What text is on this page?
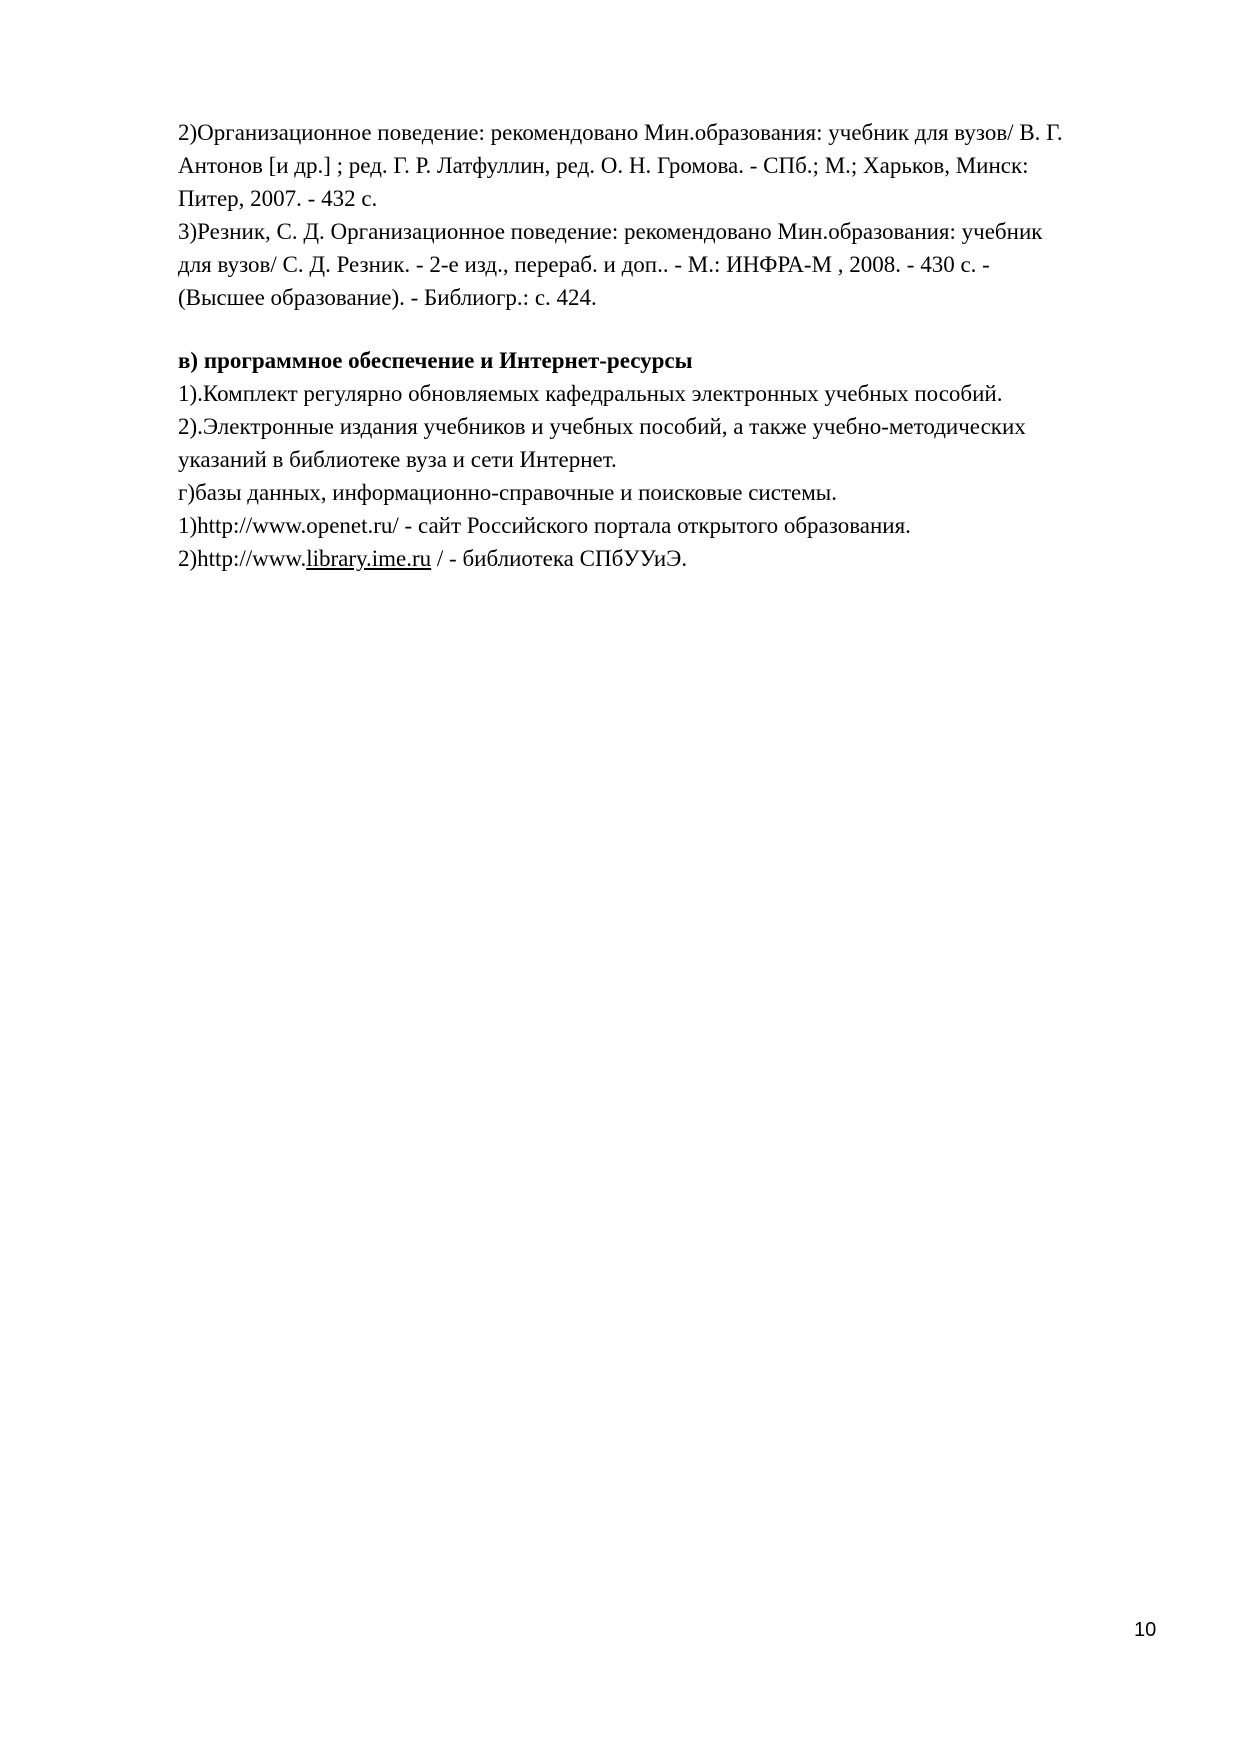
2)Организационное поведение: рекомендовано Мин.образования: учебник для вузов/ В. Г.

Антонов [и др.] ; ред. Г. Р. Латфуллин, ред. О. Н. Громова. - СПб.; М.; Харьков, Минск:

Питер, 2007. - 432 с.

3)Резник, С. Д. Организационное поведение: рекомендовано Мин.образования: учебник

для вузов/ С. Д. Резник. - 2-е изд., перераб. и доп.. - М.: ИНФРА-М , 2008. - 430 с. -

(Высшее образование). - Библиогр.: с. 424.

в) программное обеспечение и Интернет-ресурсы

1).Комплект регулярно обновляемых кафедральных электронных учебных пособий.

2).Электронные издания учебников и учебных пособий, а также учебно-методических

указаний в библиотеке вуза и сети Интернет.

г)базы данных, информационно-справочные и поисковые системы.

1)http://www.openet.ru/ - сайт Российского портала открытого образования.

2)http://www.library.ime.ru / - библиотека СПбУУиЭ.

10
